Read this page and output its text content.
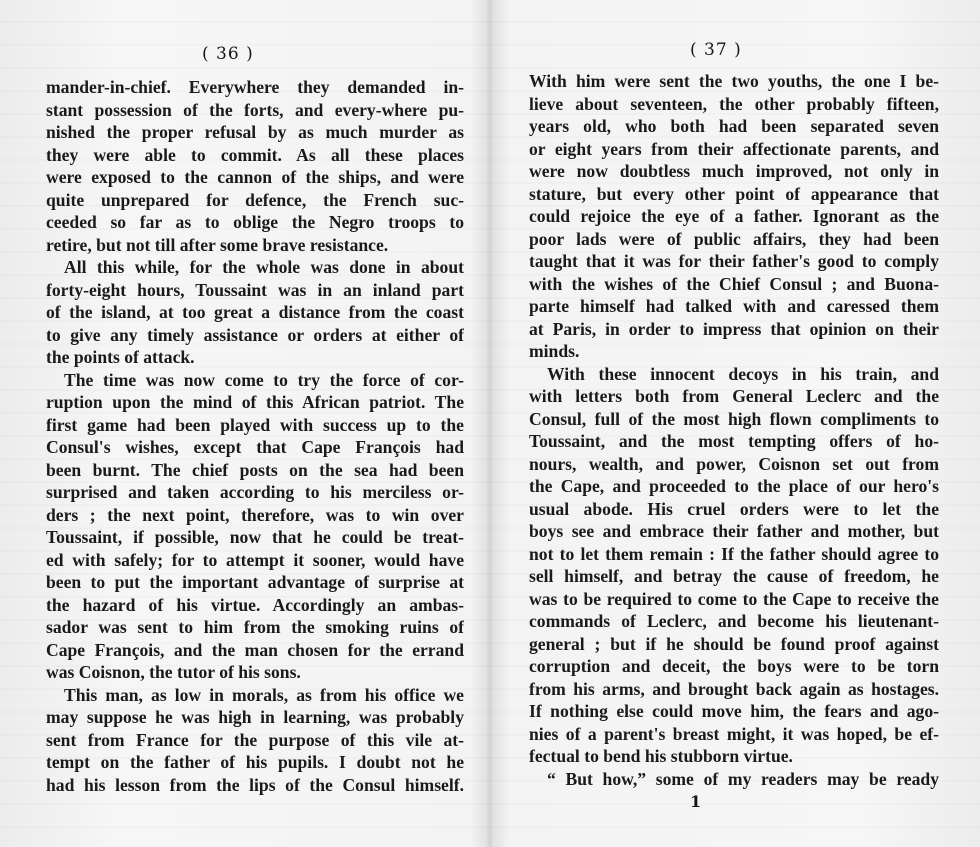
( 36 )
mander-in-chief. Everywhere they demanded in-
stant possession of the forts, and every-where pu-
nished the proper refusal by as much murder as
they were able to commit. As all these places
were exposed to the cannon of the ships, and were
quite unprepared for defence, the French suc-
ceeded so far as to oblige the Negro troops to
retire, but not till after some brave resistance.
All this while, for the whole was done in about
forty-eight hours, Toussaint was in an inland part
of the island, at too great a distance from the coast
to give any timely assistance or orders at either of
the points of attack.
The time was now come to try the force of cor-
ruption upon the mind of this African patriot. The
first game had been played with success up to the
Consul's wishes, except that Cape François had
been burnt. The chief posts on the sea had been
surprised and taken according to his merciless or-
ders ; the next point, therefore, was to win over
Toussaint, if possible, now that he could be treat-
ed with safely; for to attempt it sooner, would have
been to put the important advantage of surprise at
the hazard of his virtue. Accordingly an ambas-
sador was sent to him from the smoking ruins of
Cape François, and the man chosen for the errand
was Coisnon, the tutor of his sons.
This man, as low in morals, as from his office we
may suppose he was high in learning, was probably
sent from France for the purpose of this vile at-
tempt on the father of his pupils. I doubt not he
had his lesson from the lips of the Consul himself.
( 37 )
With him were sent the two youths, the one I be-
lieve about seventeen, the other probably fifteen,
years old, who both had been separated seven
or eight years from their affectionate parents, and
were now doubtless much improved, not only in
stature, but every other point of appearance that
could rejoice the eye of a father. Ignorant as the
poor lads were of public affairs, they had been
taught that it was for their father's good to comply
with the wishes of the Chief Consul ; and Buona-
parte himself had talked with and caressed them
at Paris, in order to impress that opinion on their
minds.
With these innocent decoys in his train, and
with letters both from General Leclerc and the
Consul, full of the most high flown compliments to
Toussaint, and the most tempting offers of ho-
nours, wealth, and power, Coisnon set out from
the Cape, and proceeded to the place of our hero's
usual abode. His cruel orders were to let the
boys see and embrace their father and mother, but
not to let them remain : If the father should agree to
sell himself, and betray the cause of freedom, he
was to be required to come to the Cape to receive the
commands of Leclerc, and become his lieutenant-
general ; but if he should be found proof against
corruption and deceit, the boys were to be torn
from his arms, and brought back again as hostages.
If nothing else could move him, the fears and ago-
nies of a parent's breast might, it was hoped, be ef-
fectual to bend his stubborn virtue.
“ But how,” some of my readers may be ready
1
